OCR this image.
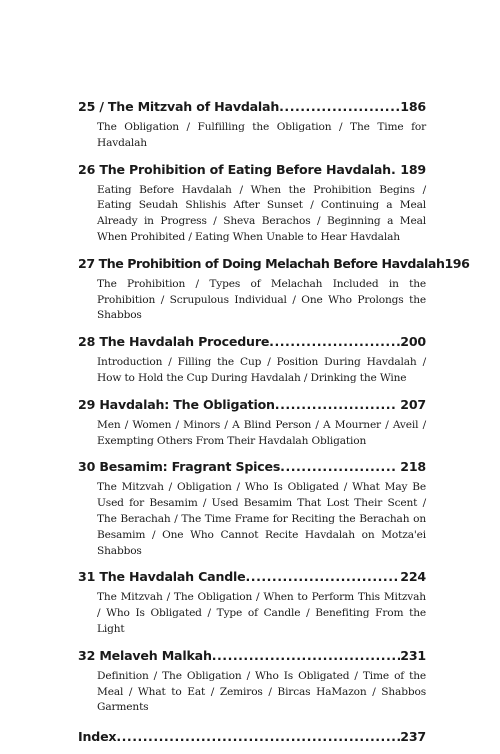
25 / The Mitzvah of Havdalah .....	186
The Obligation / Fulfilling the Obligation / The Time for Havdalah
26 The Prohibition of Eating Before Havdalah ..... 189
Eating Before Havdalah / When the Prohibition Begins / Eating Seudah Shlishis After Sunset / Continuing a Meal Already in Progress / Sheva Berachos / Beginning a Meal When Prohibited / Eating When Unable to Hear Havdalah
27 The Prohibition of Doing Melachah Before Havdalah 196
The Prohibition / Types of Melachah Included in the Prohibition / Scrupulous Individual / One Who Prolongs the Shabbos
28 The Havdalah Procedure .....	200
Introduction / Filling the Cup / Position During Havdalah / How to Hold the Cup During Havdalah / Drinking the Wine
29 Havdalah: The Obligation .....	207
Men / Women / Minors / A Blind Person / A Mourner / Aveil / Exempting Others From Their Havdalah Obligation
30 Besamim: Fragrant Spices .....	218
The Mitzvah / Obligation / Who Is Obligated / What May Be Used for Besamim / Used Besamim That Lost Their Scent / The Berachah / The Time Frame for Reciting the Berachah on Besamim / One Who Cannot Recite Havdalah on Motza'ei Shabbos
31 The Havdalah Candle .....	224
The Mitzvah / The Obligation / When to Perform This Mitzvah / Who Is Obligated / Type of Candle / Benefiting From the Light
32 Melaveh Malkah .....	231
Definition / The Obligation / Who Is Obligated / Time of the Meal / What to Eat / Zemiros / Bircas HaMazon / Shabbos Garments
Index .....	237
